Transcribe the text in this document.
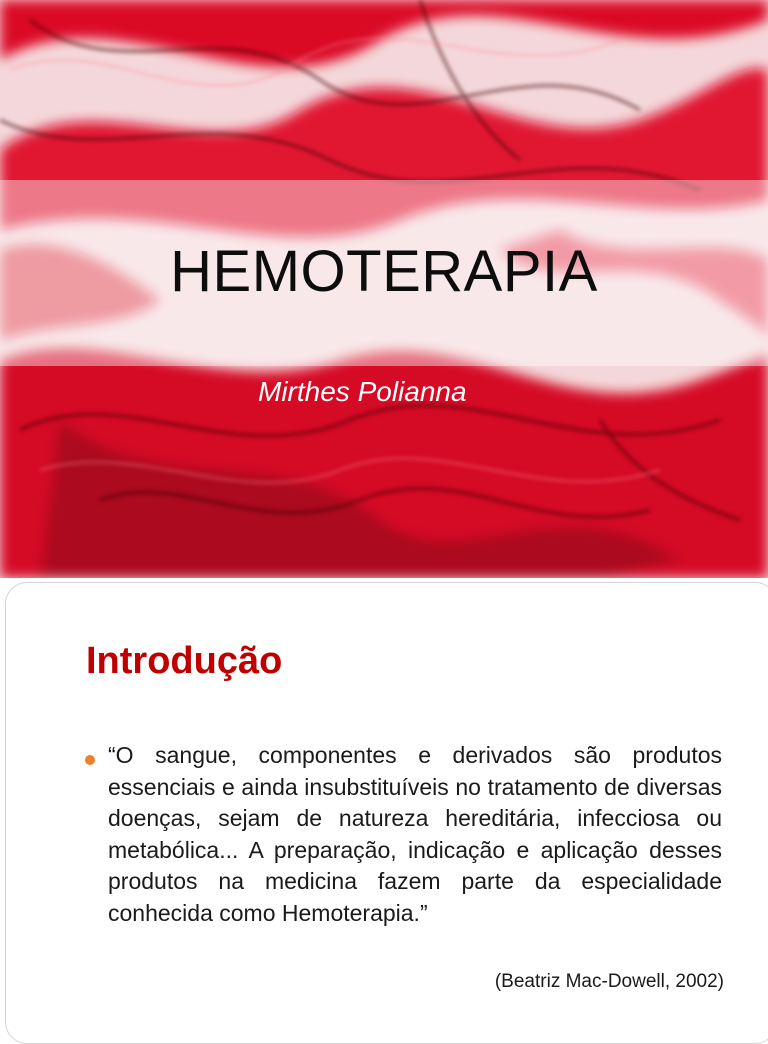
HEMOTERAPIA
Mirthes Polianna
Introdução
“O sangue, componentes e derivados são produtos essenciais e ainda insubstituíveis no tratamento de diversas doenças, sejam de natureza hereditária, infecciosa ou metabólica... A preparação, indicação e aplicação desses produtos na medicina fazem parte da especialidade conhecida como Hemoterapia.”
(Beatriz Mac-Dowell, 2002)
